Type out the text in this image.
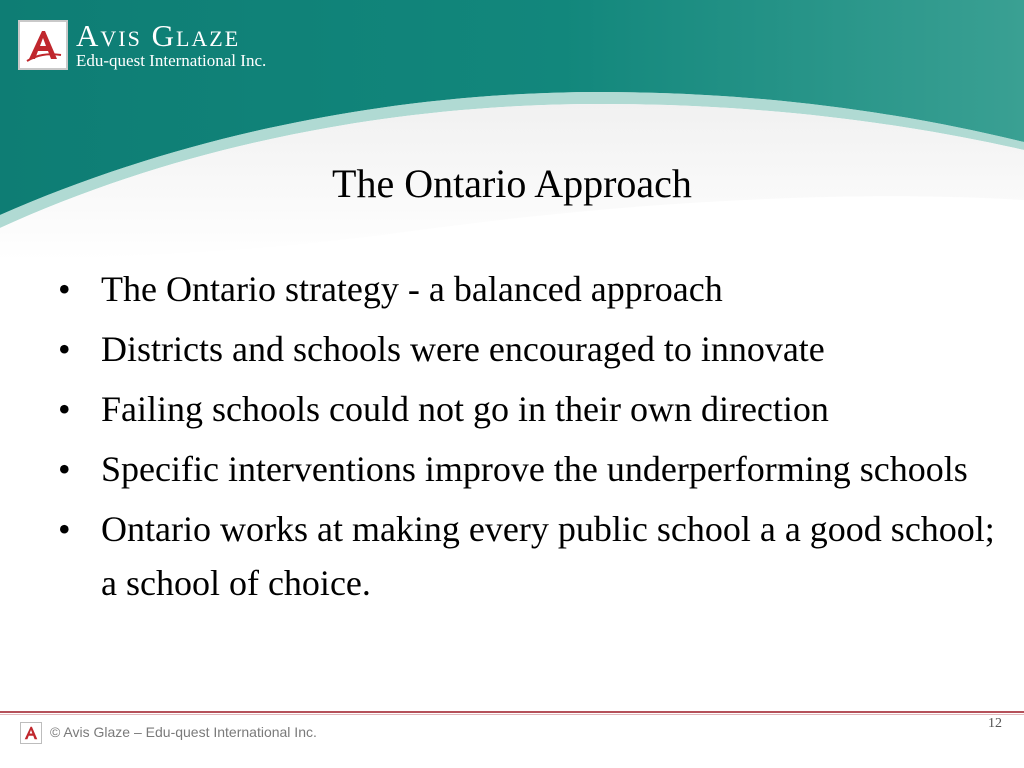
Avis Glaze
Edu-quest International Inc.
The Ontario Approach
• The Ontario strategy - a balanced approach
• Districts and schools were encouraged to innovate
• Failing schools could not go in their own direction
• Specific interventions improve the underperforming schools
• Ontario works at making every public school a a good school; a school of choice.
© Avis Glaze – Edu-quest International Inc.
12
